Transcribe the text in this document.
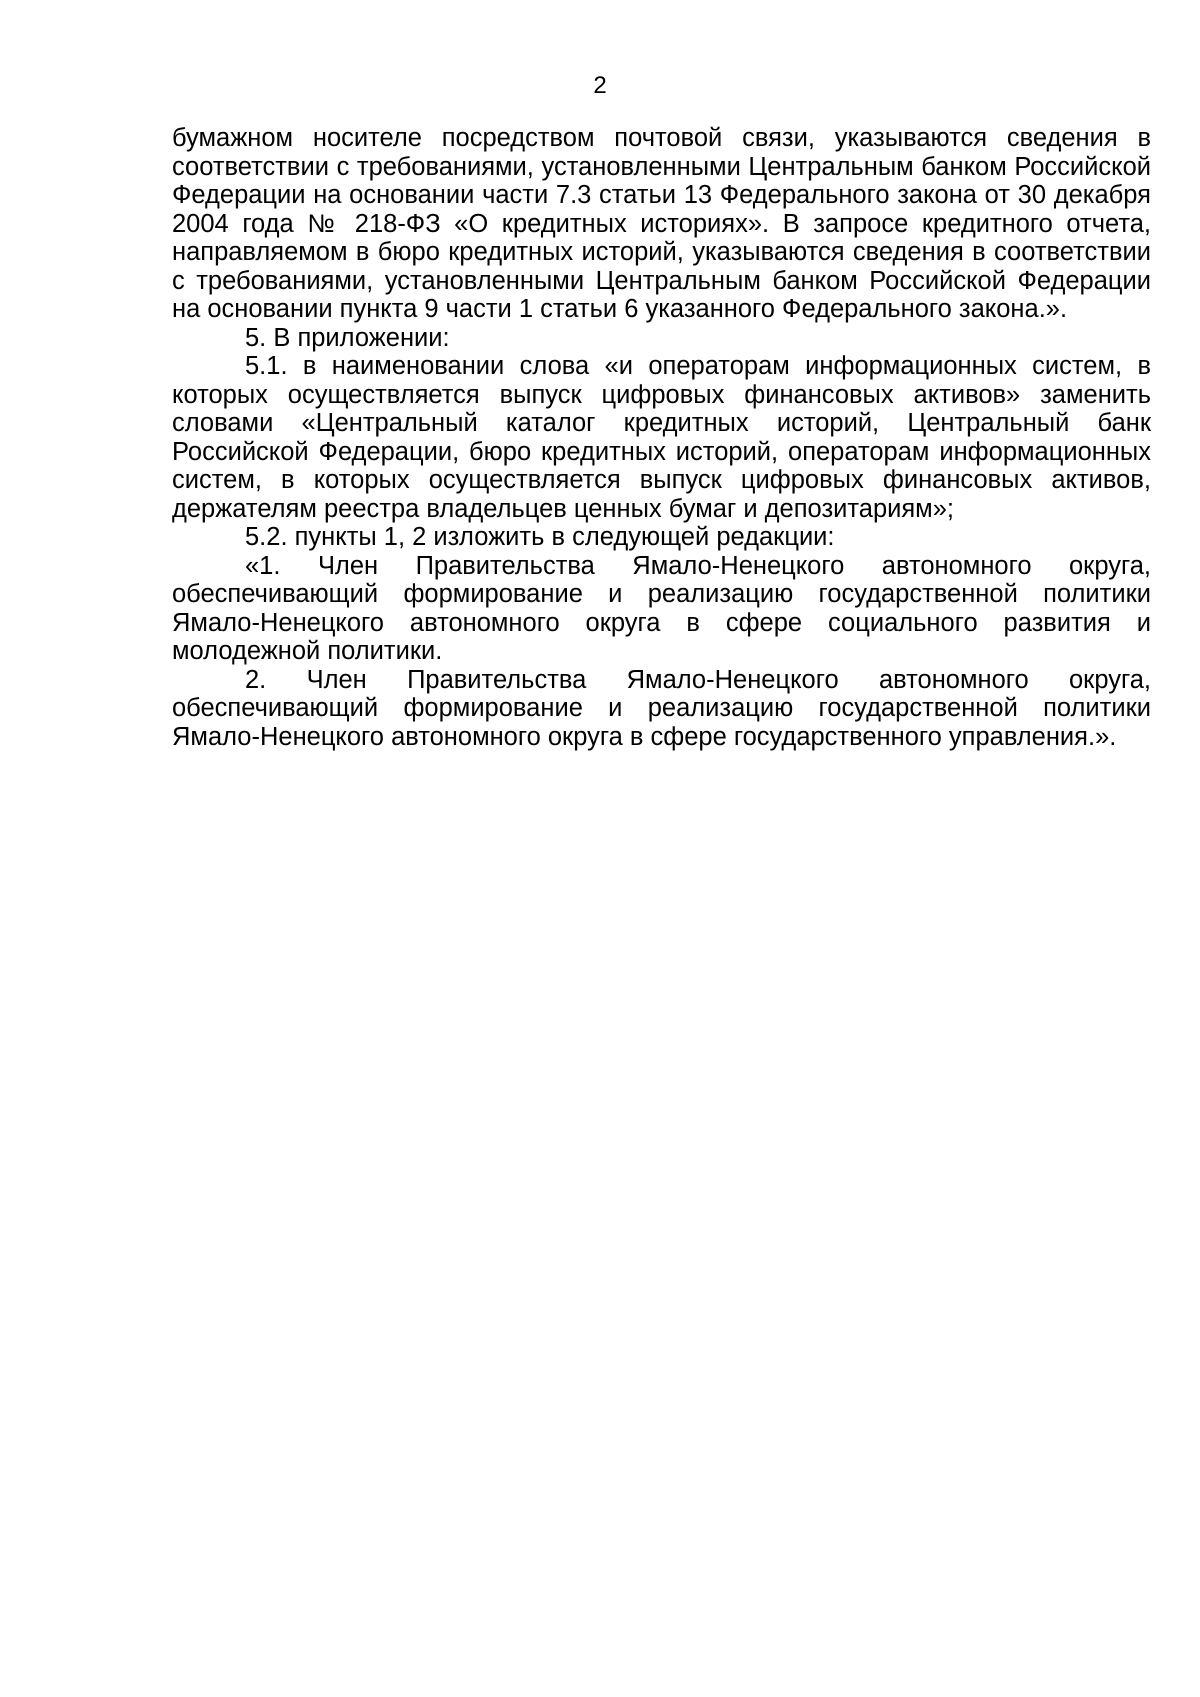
2

бумажном носителе посредством почтовой связи, указываются сведения в соответствии с требованиями, установленными Центральным банком Российской Федерации на основании части 7.3 статьи 13 Федерального закона от 30 декабря 2004 года № 218-ФЗ «О кредитных историях». В запросе кредитного отчета, направляемом в бюро кредитных историй, указываются сведения в соответствии с требованиями, установленными Центральным банком Российской Федерации на основании пункта 9 части 1 статьи 6 указанного Федерального закона.».

5. В приложении:

5.1. в наименовании слова «и операторам информационных систем, в которых осуществляется выпуск цифровых финансовых активов» заменить словами «Центральный каталог кредитных историй, Центральный банк Российской Федерации, бюро кредитных историй, операторам информационных систем, в которых осуществляется выпуск цифровых финансовых активов, держателям реестра владельцев ценных бумаг и депозитариям»;

5.2. пункты 1, 2 изложить в следующей редакции:

«1. Член Правительства Ямало-Ненецкого автономного округа, обеспечивающий формирование и реализацию государственной политики Ямало-Ненецкого автономного округа в сфере социального развития и молодежной политики.

2. Член Правительства Ямало-Ненецкого автономного округа, обеспечивающий формирование и реализацию государственной политики Ямало-Ненецкого автономного округа в сфере государственного управления.».
